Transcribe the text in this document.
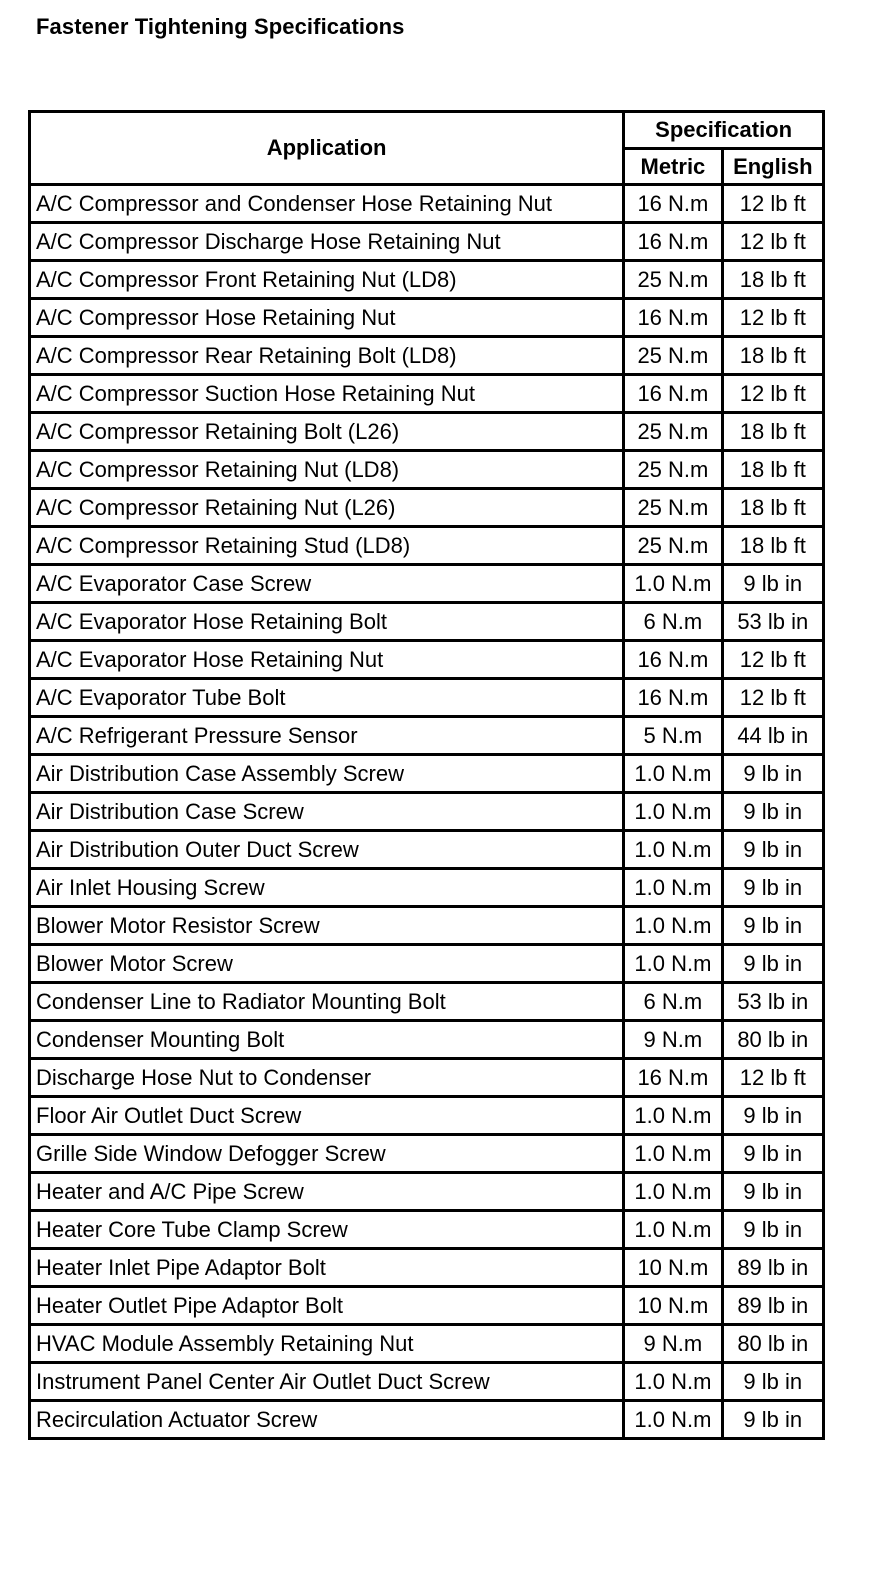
Fastener Tightening Specifications
Application	Specification	
	Metric	English
A/C Compressor and Condenser Hose Retaining Nut	16 N.m	12 lb ft
A/C Compressor Discharge Hose Retaining Nut	16 N.m	12 lb ft
A/C Compressor Front Retaining Nut (LD8)	25 N.m	18 lb ft
A/C Compressor Hose Retaining Nut	16 N.m	12 lb ft
A/C Compressor Rear Retaining Bolt (LD8)	25 N.m	18 lb ft
A/C Compressor Suction Hose Retaining Nut	16 N.m	12 lb ft
A/C Compressor Retaining Bolt (L26)	25 N.m	18 lb ft
A/C Compressor Retaining Nut (LD8)	25 N.m	18 lb ft
A/C Compressor Retaining Nut (L26)	25 N.m	18 lb ft
A/C Compressor Retaining Stud (LD8)	25 N.m	18 lb ft
A/C Evaporator Case Screw	1.0 N.m	9 lb in
A/C Evaporator Hose Retaining Bolt	6 N.m	53 lb in
A/C Evaporator Hose Retaining Nut	16 N.m	12 lb ft
A/C Evaporator Tube Bolt	16 N.m	12 lb ft
A/C Refrigerant Pressure Sensor	5 N.m	44 lb in
Air Distribution Case Assembly Screw	1.0 N.m	9 lb in
Air Distribution Case Screw	1.0 N.m	9 lb in
Air Distribution Outer Duct Screw	1.0 N.m	9 lb in
Air Inlet Housing Screw	1.0 N.m	9 lb in
Blower Motor Resistor Screw	1.0 N.m	9 lb in
Blower Motor Screw	1.0 N.m	9 lb in
Condenser Line to Radiator Mounting Bolt	6 N.m	53 lb in
Condenser Mounting Bolt	9 N.m	80 lb in
Discharge Hose Nut to Condenser	16 N.m	12 lb ft
Floor Air Outlet Duct Screw	1.0 N.m	9 lb in
Grille Side Window Defogger Screw	1.0 N.m	9 lb in
Heater and A/C Pipe Screw	1.0 N.m	9 lb in
Heater Core Tube Clamp Screw	1.0 N.m	9 lb in
Heater Inlet Pipe Adaptor Bolt	10 N.m	89 lb in
Heater Outlet Pipe Adaptor Bolt	10 N.m	89 lb in
HVAC Module Assembly Retaining Nut	9 N.m	80 lb in
Instrument Panel Center Air Outlet Duct Screw	1.0 N.m	9 lb in
Recirculation Actuator Screw	1.0 N.m	9 lb in
